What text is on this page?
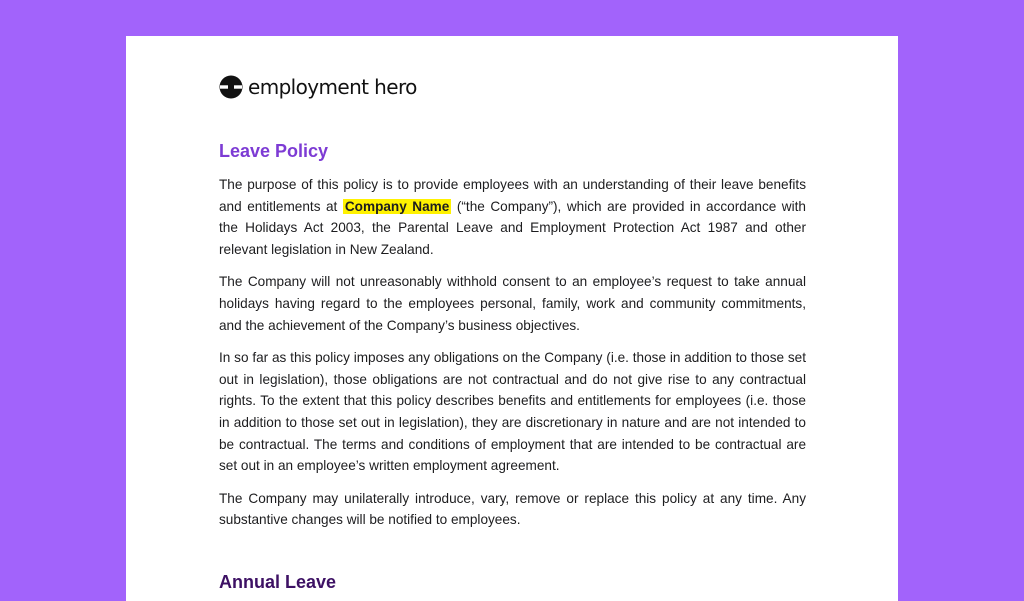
employment hero
Leave Policy

The purpose of this policy is to provide employees with an understanding of their leave benefits and entitlements at Company Name (“the Company”), which are provided in accordance with the Holidays Act 2003, the Parental Leave and Employment Protection Act 1987 and other relevant legislation in New Zealand.

The Company will not unreasonably withhold consent to an employee’s request to take annual holidays having regard to the employees personal, family, work and community commitments, and the achievement of the Company’s business objectives.

In so far as this policy imposes any obligations on the Company (i.e. those in addition to those set out in legislation), those obligations are not contractual and do not give rise to any contractual rights. To the extent that this policy describes benefits and entitlements for employees (i.e. those in addition to those set out in legislation), they are discretionary in nature and are not intended to be contractual. The terms and conditions of employment that are intended to be contractual are set out in an employee’s written employment agreement.

The Company may unilaterally introduce, vary, remove or replace this policy at any time. Any substantive changes will be notified to employees.

Annual Leave
